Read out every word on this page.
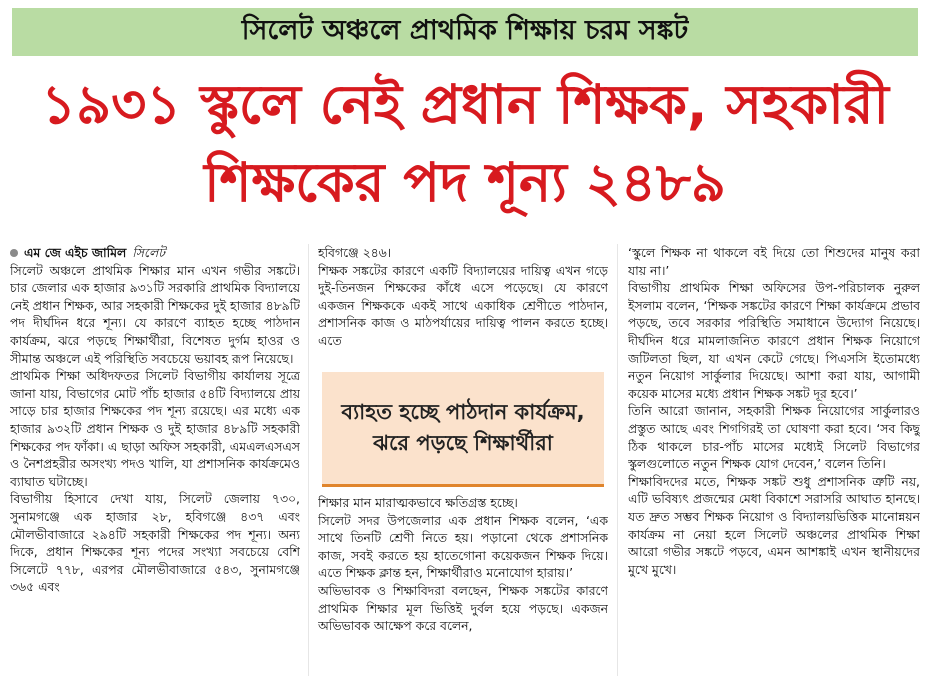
সিলেট অঞ্চলে প্রাথমিক শিক্ষায় চরম সঙ্কট
১৯৩১ স্কুলে নেই প্রধান শিক্ষক, সহকারী
শিক্ষকের পদ শূন্য ২৪৮৯
এম জে এইচ জামিল সিলেট

সিলেট অঞ্চলে প্রাথমিক শিক্ষার মান এখন গভীর সঙ্কটে। চার জেলার এক হাজার ৯৩১টি সরকারি প্রাথমিক বিদ্যালয়ে নেই প্রধান শিক্ষক, আর সহকারী শিক্ষকের দুই হাজার ৪৮৯টি পদ দীর্ঘদিন ধরে শূন্য। যে কারণে ব্যাহত হচ্ছে পাঠদান কার্যক্রম, ঝরে পড়ছে শিক্ষার্থীরা, বিশেষত দুর্গম হাওর ও সীমান্ত অঞ্চলে এই পরিস্থিতি সবচেয়ে ভয়াবহ রূপ নিয়েছে।

প্রাথমিক শিক্ষা অধিদফতর সিলেট বিভাগীয় কার্যালয় সূত্রে জানা যায়, বিভাগের মোট পাঁচ হাজার ৫৪টি বিদ্যালয়ে প্রায় সাড়ে চার হাজার শিক্ষকের পদ শূন্য রয়েছে। এর মধ্যে এক হাজার ৯৩২টি প্রধান শিক্ষক ও দুই হাজার ৪৮৯টি সহকারী শিক্ষকের পদ ফাঁকা। এ ছাড়া অফিস সহকারী, এমএলএসএস ও নৈশপ্রহরীর অসংখ্য পদও খালি, যা প্রশাসনিক কার্যক্রমেও ব্যাঘাত ঘটাচ্ছে।

বিভাগীয় হিসাবে দেখা যায়, সিলেট জেলায় ৭৩০, সুনামগঞ্জে এক হাজার ২৮, হবিগঞ্জে ৪৩৭ এবং মৌলভীবাজারে ২৯৪টি সহকারী শিক্ষকের পদ শূন্য। অন্য দিকে, প্রধান শিক্ষকের শূন্য পদের সংখ্যা সবচেয়ে বেশি সিলেটে ৭৭৮, এরপর মৌলভীবাজারে ৫৪৩, সুনামগঞ্জে ৩৬৫ এবং

হবিগঞ্জে ২৪৬।

শিক্ষক সঙ্কটের কারণে একটি বিদ্যালয়ের দায়িত্ব এখন গড়ে দুই-তিনজন শিক্ষকের কাঁধে এসে পড়েছে। যে কারণে একজন শিক্ষককে একই সাথে একাধিক শ্রেণীতে পাঠদান, প্রশাসনিক কাজ ও মাঠপর্যায়ের দায়িত্ব পালন করতে হচ্ছে। এতে

ব্যাহত হচ্ছে পাঠদান কার্যক্রম, ঝরে পড়ছে শিক্ষার্থীরা

শিক্ষার মান মারাত্মকভাবে ক্ষতিগ্রস্ত হচ্ছে।

সিলেট সদর উপজেলার এক প্রধান শিক্ষক বলেন, ‘এক সাথে তিনটি শ্রেণী নিতে হয়। পড়ানো থেকে প্রশাসনিক কাজ, সবই করতে হয় হাতেগোনা কয়েকজন শিক্ষক দিয়ে। এতে শিক্ষক ক্লান্ত হন, শিক্ষার্থীরাও মনোযোগ হারায়।’

অভিভাবক ও শিক্ষাবিদরা বলছেন, শিক্ষক সঙ্কটের কারণে প্রাথমিক শিক্ষার মূল ভিত্তিই দুর্বল হয়ে পড়ছে। একজন অভিভাবক আক্ষেপ করে বলেন,

‘স্কুলে শিক্ষক না থাকলে বই দিয়ে তো শিশুদের মানুষ করা যায় না।’

বিভাগীয় প্রাথমিক শিক্ষা অফিসের উপ-পরিচালক নুরুল ইসলাম বলেন, ‘শিক্ষক সঙ্কটের কারণে শিক্ষা কার্যক্রমে প্রভাব পড়ছে, তবে সরকার পরিস্থিতি সমাধানে উদ্যোগ নিয়েছে। দীর্ঘদিন ধরে মামলাজনিত কারণে প্রধান শিক্ষক নিয়োগে জটিলতা ছিল, যা এখন কেটে গেছে। পিএসসি ইতোমধ্যে নতুন নিয়োগ সার্কুলার দিয়েছে। আশা করা যায়, আগামী কয়েক মাসের মধ্যে প্রধান শিক্ষক সঙ্কট দূর হবে।’

তিনি আরো জানান, সহকারী শিক্ষক নিয়োগের সার্কুলারও প্রস্তুত আছে এবং শিগগিরই তা ঘোষণা করা হবে। ‘সব কিছু ঠিক থাকলে চার-পাঁচ মাসের মধ্যেই সিলেট বিভাগের স্কুলগুলোতে নতুন শিক্ষক যোগ দেবেন,’ বলেন তিনি।

শিক্ষাবিদদের মতে, শিক্ষক সঙ্কট শুধু প্রশাসনিক ত্রুটি নয়, এটি ভবিষ্যৎ প্রজন্মের মেধা বিকাশে সরাসরি আঘাত হানছে। যত দ্রুত সম্ভব শিক্ষক নিয়োগ ও বিদ্যালয়ভিত্তিক মানোন্নয়ন কার্যক্রম না নেয়া হলে সিলেট অঞ্চলের প্রাথমিক শিক্ষা আরো গভীর সঙ্কটে পড়বে, এমন আশঙ্কাই এখন স্থানীয়দের মুখে মুখে।
